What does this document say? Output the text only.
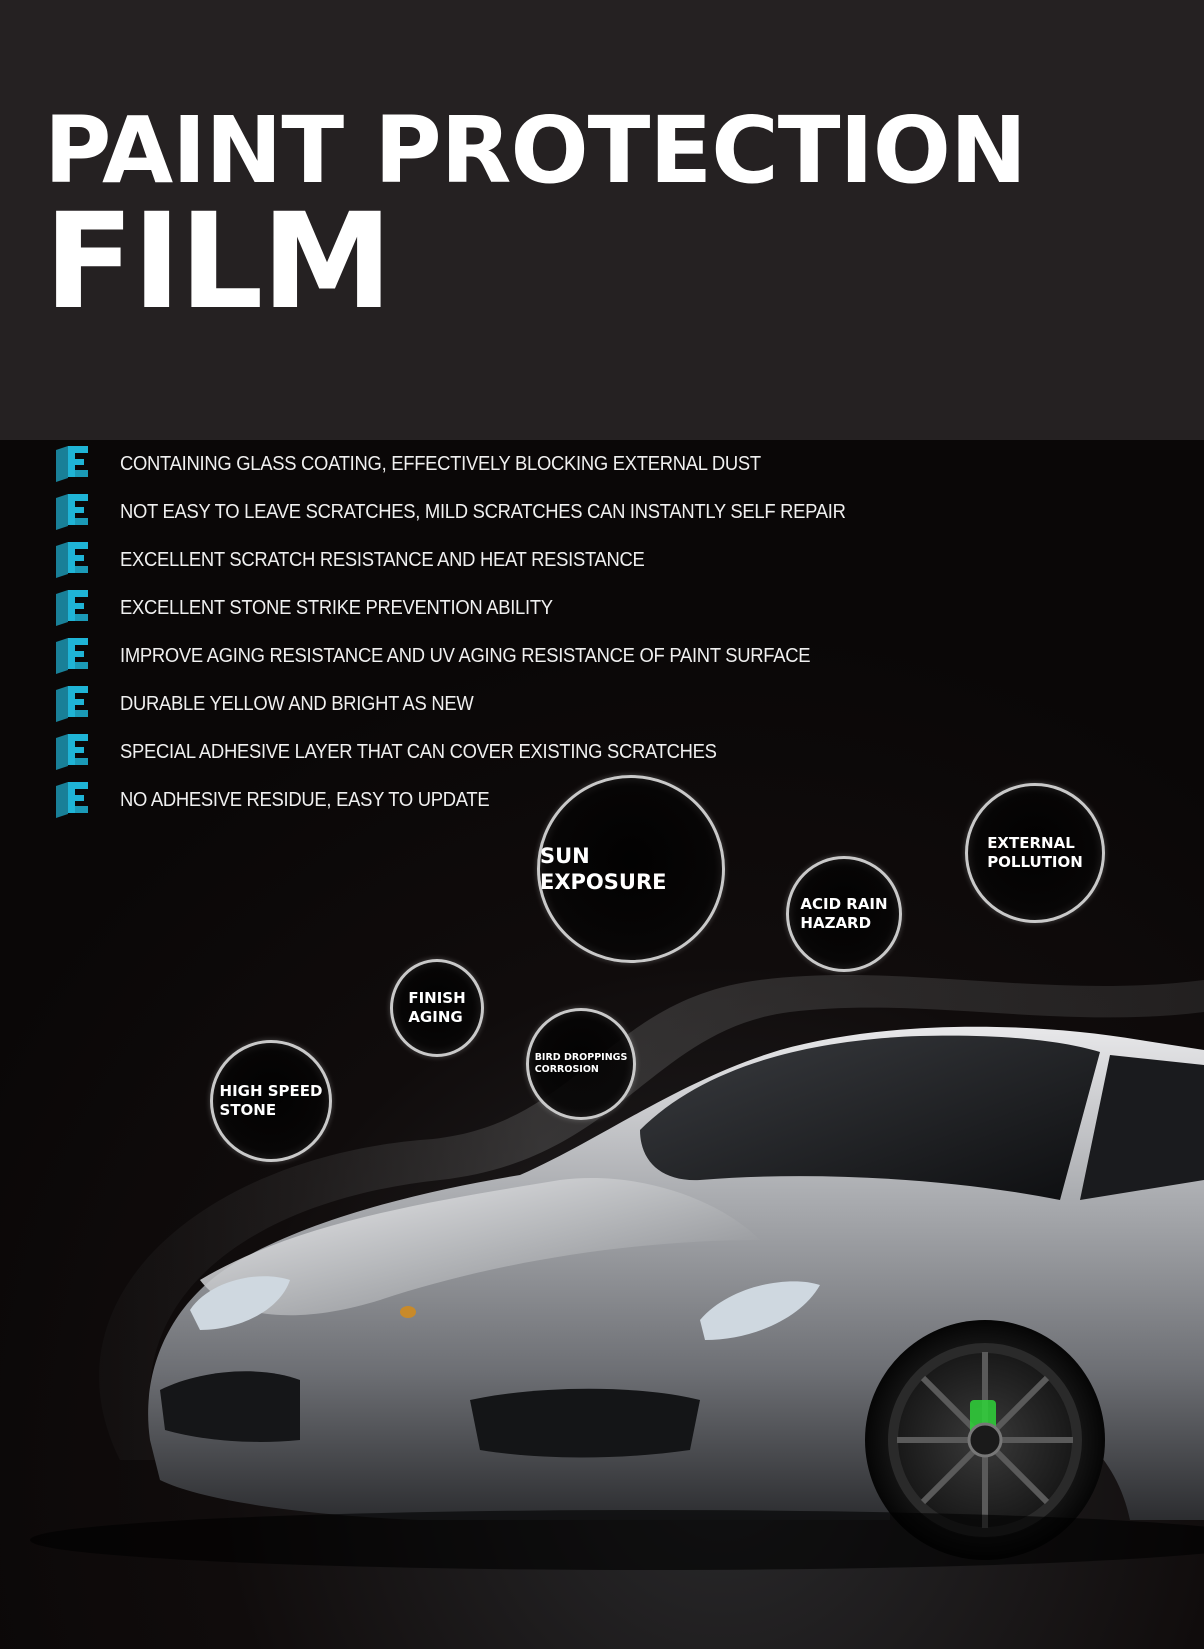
PAINT PROTECTION
FILM
SUN EXPOSURE
EXTERNAL
POLLUTION
ACID RAIN
HAZARD
FINISH
AGING
BIRD DROPPINGS
CORROSION
HIGH SPEED
STONE
CONTAINING GLASS COATING, EFFECTIVELY BLOCKING EXTERNAL DUST
NOT EASY TO LEAVE SCRATCHES, MILD SCRATCHES CAN INSTANTLY SELF REPAIR
EXCELLENT SCRATCH RESISTANCE AND HEAT RESISTANCE
EXCELLENT STONE STRIKE PREVENTION ABILITY
IMPROVE AGING RESISTANCE AND UV AGING RESISTANCE OF PAINT SURFACE
DURABLE YELLOW AND BRIGHT AS NEW
SPECIAL ADHESIVE LAYER THAT CAN COVER EXISTING SCRATCHES
NO ADHESIVE RESIDUE, EASY TO UPDATE
